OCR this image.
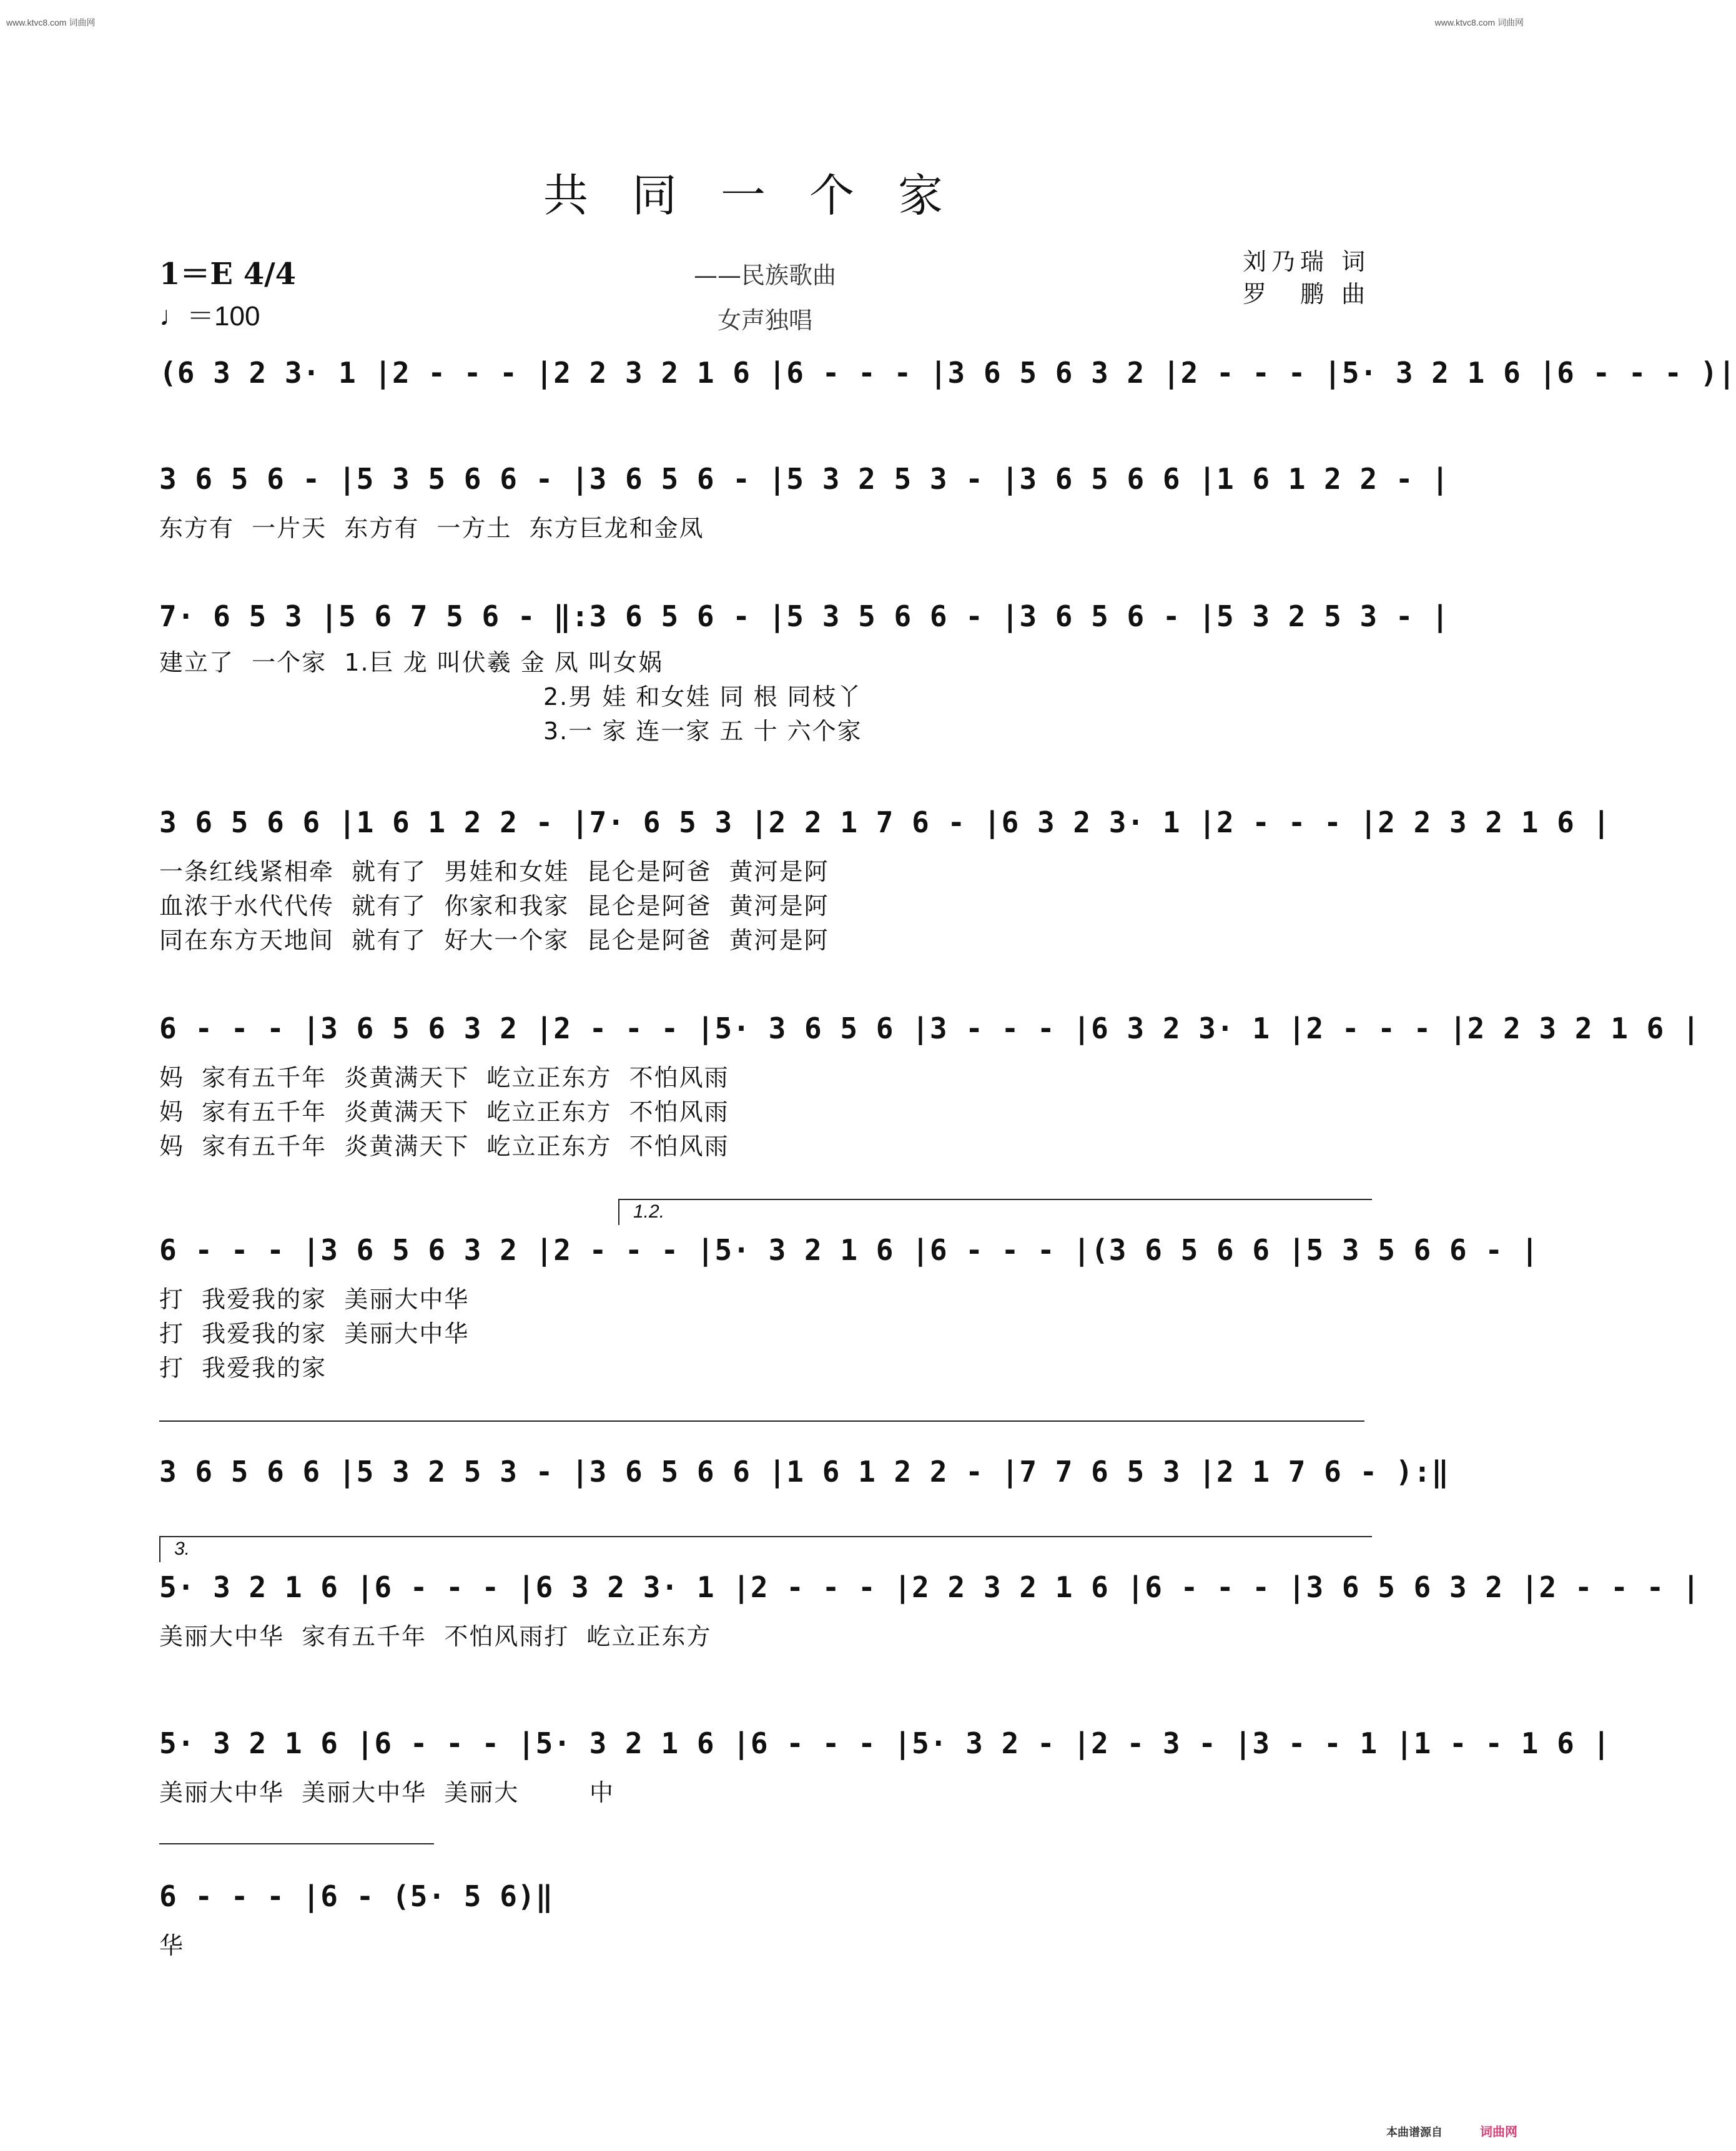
www.ktvc8.com 词曲网	www.ktvc8.com 词曲网
共同一个家
1＝E 4/4
♩＝100
——民族歌曲
女声独唱
刘乃瑞 词
罗　鹏 曲
(6 3 2 3· 1 |2 - - - |2 2 3 2 1 6 |6 - - - |3 6 5 6 3 2 |2 - - - |5· 3 2 1 6 |6 - - - )|
3 6 5 6 - |5 3 5 6 6 - |3 6 5 6 - |5 3 2 5 3 - |3 6 5 6 6 |1 6 1 2 2 - |
东方有  一片天  东方有  一方土  东方巨龙和金凤
7· 6 5 3 |5 6 7 5 6 - ‖:3 6 5 6 - |5 3 5 6 6 - |3 6 5 6 - |5 3 2 5 3 - |
建立了  一个家  1.巨 龙 叫伏羲 金 凤 叫女娲
2.男 娃 和女娃 同 根 同枝丫
3.一 家 连一家 五 十 六个家
3 6 5 6 6 |1 6 1 2 2 - |7· 6 5 3 |2 2 1 7 6 - |6 3 2 3· 1 |2 - - - |2 2 3 2 1 6 |
一条红线紧相牵  就有了  男娃和女娃  昆仑是阿爸  黄河是阿
血浓于水代代传  就有了  你家和我家  昆仑是阿爸  黄河是阿
同在东方天地间  就有了  好大一个家  昆仑是阿爸  黄河是阿
6 - - - |3 6 5 6 3 2 |2 - - - |5· 3 6 5 6 |3 - - - |6 3 2 3· 1 |2 - - - |2 2 3 2 1 6 |
妈  家有五千年  炎黄满天下  屹立正东方  不怕风雨
妈  家有五千年  炎黄满天下  屹立正东方  不怕风雨
妈  家有五千年  炎黄满天下  屹立正东方  不怕风雨
1.2.
6 - - - |3 6 5 6 3 2 |2 - - - |5· 3 2 1 6 |6 - - - |(3 6 5 6 6 |5 3 5 6 6 - |
打  我爱我的家  美丽大中华
打  我爱我的家  美丽大中华
打  我爱我的家
3 6 5 6 6 |5 3 2 5 3 - |3 6 5 6 6 |1 6 1 2 2 - |7 7 6 5 3 |2 1 7 6 - ):‖
3.
5· 3 2 1 6 |6 - - - |6 3 2 3· 1 |2 - - - |2 2 3 2 1 6 |6 - - - |3 6 5 6 3 2 |2 - - - |
美丽大中华  家有五千年  不怕风雨打  屹立正东方
5· 3 2 1 6 |6 - - - |5· 3 2 1 6 |6 - - - |5· 3 2 - |2 - 3 - |3 - - 1 |1 - - 1 6 |
美丽大中华  美丽大中华  美丽大        中
6 - - - |6 - (5· 5 6)‖
华
本曲谱源自	词曲网
